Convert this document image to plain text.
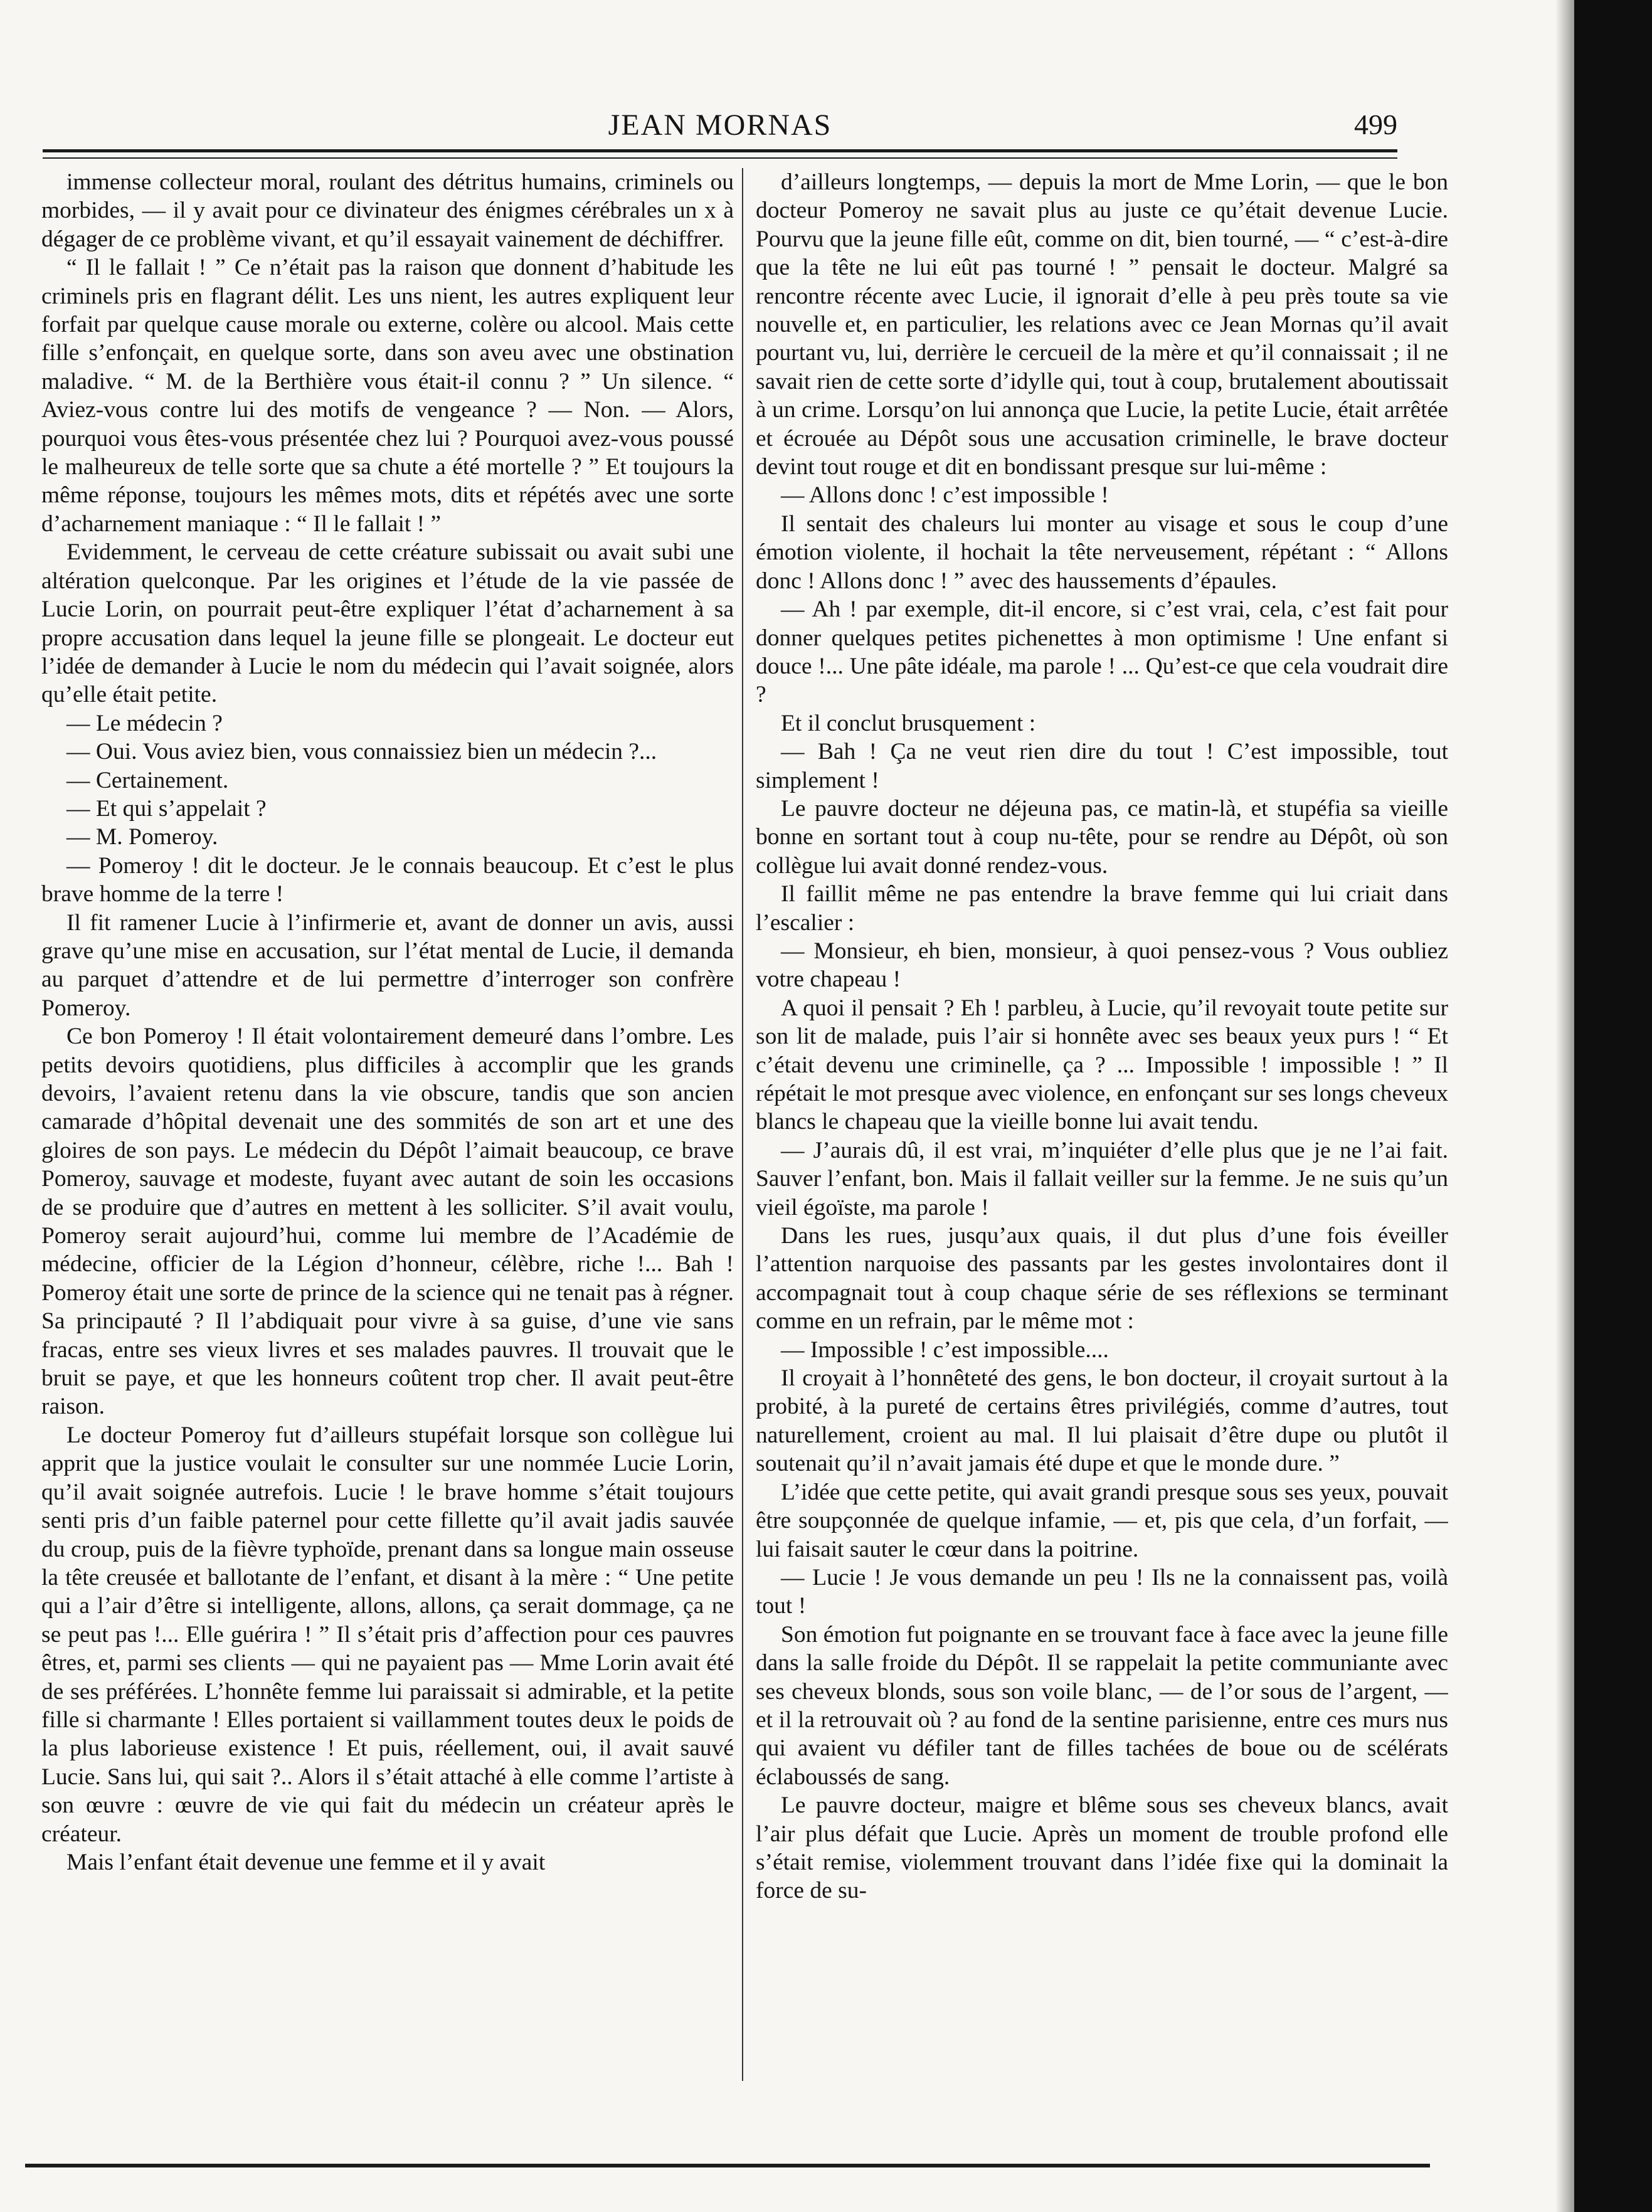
JEAN MORNAS	499

immense collecteur moral, roulant des détritus humains, criminels ou morbides, — il y avait pour ce divinateur des énigmes cérébrales un x à dégager de ce problème vivant, et qu’il essayait vainement de déchiffrer.

“ Il le fallait ! ” Ce n’était pas la raison que donnent d’habitude les criminels pris en flagrant délit. Les uns nient, les autres expliquent leur forfait par quelque cause morale ou externe, colère ou alcool. Mais cette fille s’enfonçait, en quelque sorte, dans son aveu avec une obstination maladive. “ M. de la Berthière vous était-il connu ? ” Un silence. “ Aviez-vous contre lui des motifs de vengeance ? — Non. — Alors, pourquoi vous êtes-vous présentée chez lui ? Pourquoi avez-vous poussé le malheureux de telle sorte que sa chute a été mortelle ? ” Et toujours la même réponse, toujours les mêmes mots, dits et répétés avec une sorte d’acharnement maniaque : “ Il le fallait ! ”

Evidemment, le cerveau de cette créature subissait ou avait subi une altération quelconque. Par les origines et l’étude de la vie passée de Lucie Lorin, on pourrait peut-être expliquer l’état d’acharnement à sa propre accusation dans lequel la jeune fille se plongeait. Le docteur eut l’idée de demander à Lucie le nom du médecin qui l’avait soignée, alors qu’elle était petite.

— Le médecin ?

— Oui. Vous aviez bien, vous connaissiez bien un médecin ?...

— Certainement.

— Et qui s’appelait ?

— M. Pomeroy.

— Pomeroy ! dit le docteur. Je le connais beaucoup. Et c’est le plus brave homme de la terre !

Il fit ramener Lucie à l’infirmerie et, avant de donner un avis, aussi grave qu’une mise en accusation, sur l’état mental de Lucie, il demanda au parquet d’attendre et de lui permettre d’interroger son confrère Pomeroy.

Ce bon Pomeroy ! Il était volontairement demeuré dans l’ombre. Les petits devoirs quotidiens, plus difficiles à accomplir que les grands devoirs, l’avaient retenu dans la vie obscure, tandis que son ancien camarade d’hôpital devenait une des sommités de son art et une des gloires de son pays. Le médecin du Dépôt l’aimait beaucoup, ce brave Pomeroy, sauvage et modeste, fuyant avec autant de soin les occasions de se produire que d’autres en mettent à les solliciter. S’il avait voulu, Pomeroy serait aujourd’hui, comme lui membre de l’Académie de médecine, officier de la Légion d’honneur, célèbre, riche !... Bah ! Pomeroy était une sorte de prince de la science qui ne tenait pas à régner. Sa principauté ? Il l’abdiquait pour vivre à sa guise, d’une vie sans fracas, entre ses vieux livres et ses malades pauvres. Il trouvait que le bruit se paye, et que les honneurs coûtent trop cher. Il avait peut-être raison.

Le docteur Pomeroy fut d’ailleurs stupéfait lorsque son collègue lui apprit que la justice voulait le consulter sur une nommée Lucie Lorin, qu’il avait soignée autrefois. Lucie ! le brave homme s’était toujours senti pris d’un faible paternel pour cette fillette qu’il avait jadis sauvée du croup, puis de la fièvre typhoïde, prenant dans sa longue main osseuse la tête creusée et ballotante de l’enfant, et disant à la mère : “ Une petite qui a l’air d’être si intelligente, allons, allons, ça serait dommage, ça ne se peut pas !... Elle guérira ! ” Il s’était pris d’affection pour ces pauvres êtres, et, parmi ses clients — qui ne payaient pas — Mme Lorin avait été de ses préférées. L’honnête femme lui paraissait si admirable, et la petite fille si charmante ! Elles portaient si vaillamment toutes deux le poids de la plus laborieuse existence ! Et puis, réellement, oui, il avait sauvé Lucie. Sans lui, qui sait ?.. Alors il s’était attaché à elle comme l’artiste à son œuvre : œuvre de vie qui fait du médecin un créateur après le créateur.

Mais l’enfant était devenue une femme et il y avait

d’ailleurs longtemps, — depuis la mort de Mme Lorin, — que le bon docteur Pomeroy ne savait plus au juste ce qu’était devenue Lucie. Pourvu que la jeune fille eût, comme on dit, bien tourné, — “ c’est-à-dire que la tête ne lui eût pas tourné ! ” pensait le docteur. Malgré sa rencontre récente avec Lucie, il ignorait d’elle à peu près toute sa vie nouvelle et, en particulier, les relations avec ce Jean Mornas qu’il avait pourtant vu, lui, derrière le cercueil de la mère et qu’il connaissait ; il ne savait rien de cette sorte d’idylle qui, tout à coup, brutalement aboutissait à un crime. Lorsqu’on lui annonça que Lucie, la petite Lucie, était arrêtée et écrouée au Dépôt sous une accusation criminelle, le brave docteur devint tout rouge et dit en bondissant presque sur lui-même :

— Allons donc ! c’est impossible !

Il sentait des chaleurs lui monter au visage et sous le coup d’une émotion violente, il hochait la tête nerveusement, répétant : “ Allons donc ! Allons donc ! ” avec des haussements d’épaules.

— Ah ! par exemple, dit-il encore, si c’est vrai, cela, c’est fait pour donner quelques petites pichenettes à mon optimisme ! Une enfant si douce !... Une pâte idéale, ma parole ! ... Qu’est-ce que cela voudrait dire ?

Et il conclut brusquement :

— Bah ! Ça ne veut rien dire du tout ! C’est impossible, tout simplement !

Le pauvre docteur ne déjeuna pas, ce matin-là, et stupéfia sa vieille bonne en sortant tout à coup nu-tête, pour se rendre au Dépôt, où son collègue lui avait donné rendez-vous.

Il faillit même ne pas entendre la brave femme qui lui criait dans l’escalier :

— Monsieur, eh bien, monsieur, à quoi pensez-vous ? Vous oubliez votre chapeau !

A quoi il pensait ? Eh ! parbleu, à Lucie, qu’il revoyait toute petite sur son lit de malade, puis l’air si honnête avec ses beaux yeux purs ! “ Et c’était devenu une criminelle, ça ? ... Impossible ! impossible ! ” Il répétait le mot presque avec violence, en enfonçant sur ses longs cheveux blancs le chapeau que la vieille bonne lui avait tendu.

— J’aurais dû, il est vrai, m’inquiéter d’elle plus que je ne l’ai fait. Sauver l’enfant, bon. Mais il fallait veiller sur la femme. Je ne suis qu’un vieil égoïste, ma parole !

Dans les rues, jusqu’aux quais, il dut plus d’une fois éveiller l’attention narquoise des passants par les gestes involontaires dont il accompagnait tout à coup chaque série de ses réflexions se terminant comme en un refrain, par le même mot :

— Impossible ! c’est impossible....

Il croyait à l’honnêteté des gens, le bon docteur, il croyait surtout à la probité, à la pureté de certains êtres privilégiés, comme d’autres, tout naturellement, croient au mal. Il lui plaisait d’être dupe ou plutôt il soutenait qu’il n’avait jamais été dupe et que le monde dure. ”

L’idée que cette petite, qui avait grandi presque sous ses yeux, pouvait être soupçonnée de quelque infamie, — et, pis que cela, d’un forfait, — lui faisait sauter le cœur dans la poitrine.

— Lucie ! Je vous demande un peu ! Ils ne la connaissent pas, voilà tout !

Son émotion fut poignante en se trouvant face à face avec la jeune fille dans la salle froide du Dépôt. Il se rappelait la petite communiante avec ses cheveux blonds, sous son voile blanc, — de l’or sous de l’argent, — et il la retrouvait où ? au fond de la sentine parisienne, entre ces murs nus qui avaient vu défiler tant de filles tachées de boue ou de scélérats éclaboussés de sang.

Le pauvre docteur, maigre et blême sous ses cheveux blancs, avait l’air plus défait que Lucie. Après un moment de trouble profond elle s’était remise, violemment trouvant dans l’idée fixe qui la dominait la force de su-
